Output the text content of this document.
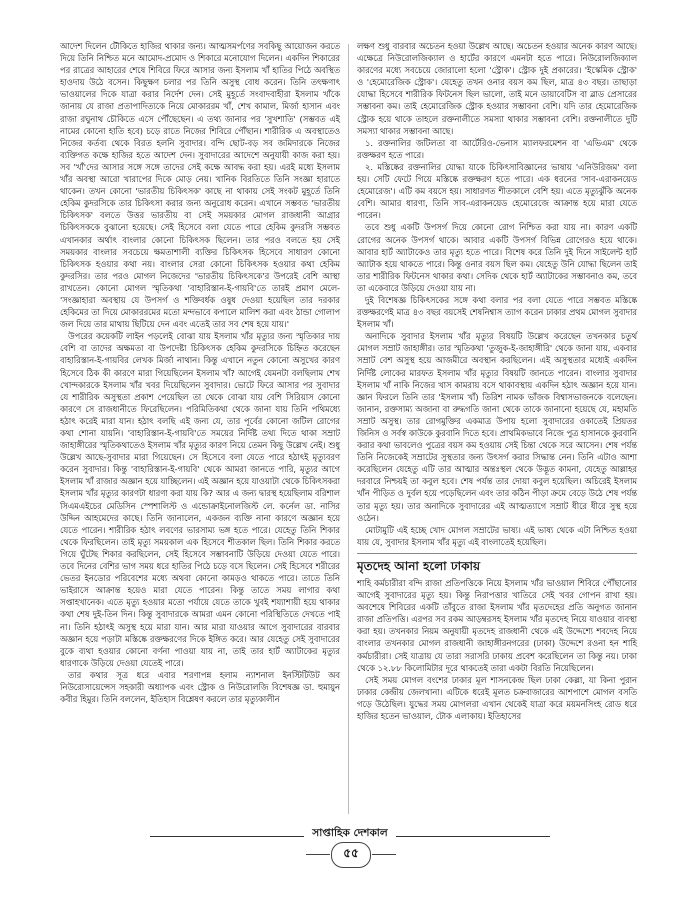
আদেশ দিলেন টৌকিতে হাজির থাকার জন্য। আত্মসমর্পণের সবকিছু আয়োজন করতে দিয়ে তিনি নিশ্চিত মনে আমোদ-প্রমোদ ও শিকারে মনোযোগ দিলেন। একদিন শিকারের পর রাত্রের আহারের শেষে শিবিরে ফিরে আসার জন্য ইসলাম খাঁ হাতির পিঠে অবস্থিত হাওদায় উঠে বসেন। কিছুক্ষণ চলার পর তিনি অসুস্থ বোধ করেন। তিনি তৎক্ষণাৎ ভাওয়ালের দিকে যাত্রা করার নির্দেশ দেন। সেই মুহূর্তে সংবাদবাহীরা ইসলাম খাঁকে জানায় যে রাজা প্রতাপাদিত্যকে নিয়ে মোকাররম খাঁ, শেখ কামাল, মির্জা হাসান এবং রাজা রঘুনাথ চৌকিতে এসে পৌঁছেছেন। এ তথ্য জানার পর 'সুখশাতি' (সম্ভবত এই নামের কোনো হাতি হবে) চড়ে রাতে নিজের শিবিরে পৌঁছান। শারীরিক এ অবস্থাতেও নিজের কর্তব্য থেকে বিরত হলনি সুবাদার। বন্দি ছোট-বড় সব জমিদারকে নিজের ব্যক্তিগত কক্ষে হাজির হতে আদেশ দেন। সুবাদারের আদেশে অনুযায়ী কাজ করা হয়। সব 'খাঁ'দের আসার সঙ্গে সঙ্গে তাদের সেই কক্ষে আবদ্ধ করা হয়। এরই মধ্যে ইসলাম খাঁর অবস্থা আরো খারাপের দিকে মোড় নেয়। খানিক বিরতিতে তিনি সংজ্ঞা হারাতে থাকেন। তখন কোনো 'ভারতীয় চিকিৎসক' কাছে না থাকায় সেই সংকট মুহূর্তে তিনি হেকিম কুদরসিকে তার চিকিৎসা করার জন্য অনুরোধ করেন। এখানে সম্ভবত 'ভারতীয় চিকিৎসক' বলতে উত্তর ভারতীয় বা সেই সময়কার মোগল রাজধানী আগ্রার চিকিৎসককে বুঝানো হয়েছে। সেই হিসেবে বলা যেতে পারে হেকিম কুদরসি সম্ভবত এখানকার অর্থাৎ বাংলার কোনো চিকিৎসক ছিলেন। তার পরও বলতে হয় সেই সময়কার বাংলার সবচেয়ে ক্ষমতাশালী ব্যক্তির চিকিৎসক হিসেবে সাধারণ কোনো চিকিৎসক হওয়ার কথা নয়। বাংলার সেরা কোনো চিকিৎসক হওয়ার কথা হেকিম কুদরসির। তার পরও মোগল নিজেদের 'ভারতীয় চিকিৎসকে'র উপরেই বেশি আস্থা রাখতেন। কোনো মোগল স্মৃতিকথা 'বাহারিস্তান-ই-গায়বি'তে তারই প্রমাণ মেলে-'সংজ্ঞাহারা অবস্থায় যে উপসর্গ ও শক্তিবর্ধক ওষুধ দেওয়া হয়েছিল তার দরকার হেকিমের তা দিয়ে মোকাররমের মতো মন্দভাবে কপালে মালিশ করা এবং ঠান্ডা গোলাপ জল দিয়ে তার মাথায় ছিটিয়ে দেন এবং এতেই তার সব শেষ হয়ে যায়।'

উপরের কয়েকটি লাইন পড়লেই বোঝা যায় ইসলাম খাঁর মৃত্যুর জন্য স্মৃতিকার দায় বেশি বা তাদের অক্ষমতা বা উপদেষ্টা চিকিৎসক হেকিম কুদরসিকে চিহ্নিত করেছেন বাহারিস্তান-ই-গায়বির লেখক মির্জা নাথান। কিন্তু এখানে নতুন কোনো অসুখের কারণ হিসেবে ঠিক কী কারণে মারা গিয়েছিলেন ইসলাম খাঁ? আগেই যেমনটা বলছিলাম শেখ খোন্দকারকে ইসলাম খাঁর খবর দিয়েছিলেন সুবাদার। ভোটে ফিরে আসার পর সুবাদার যে শারীরিক অসুস্থতা প্রকাশ পেয়েছিল তা থেকে বোঝা যায় বেশি সিরিয়াস কোনো কারণে সে রাজধানীতে ফিরেছিলেন। পরিমিতিকথা থেকে জানা যায় তিনি পথিমধ্যে হঠাৎ করেই মারা যান। হঠাৎ বলছি এই জন্য যে, তার পূর্বের কোনো জটিল রোগের কথা শোনা যায়নি। 'বাহারিস্তান-ই-গায়বি'তে সময়ের নির্দিষ্ট তথ্য দিতে থাকা সম্রাট জাহাঙ্গীরের স্মৃতিকথাতেও ইসলাম খাঁর মৃত্যুর কারণ নিয়ে তেমন কিছু উল্লেখ নেই। শুধু উল্লেখ আছে-সুবাদার মারা গিয়েছেন। সে হিসেবে বলা যেতে পারে হঠাৎই মৃত্যুবরণ করেন সুবাদার। কিন্তু 'বাহারিস্তান-ই-গায়বি' থেকে আমরা জানতে পারি, মৃত্যুর আগে ইসলাম খাঁ রাজার অজ্ঞান হয়ে যাচ্ছিলেন। এই অজ্ঞান হয়ে যাওয়াটা থেকে চিকিৎসকরা ইসলাম খাঁর মৃত্যুর কারণটা ধারণা করা যায় কি? আর এ জন্য দ্বারস্থ হয়েছিলাম বরিশাল সিএমএইচের মেডিসিন স্পেশালিস্ট ও এন্ডোক্রাইনোলজিস্ট লে. কর্নেল ডা. নাসির উদ্দিন আহমেদের কাছে। তিনি জানালেন, একজন ব্যক্তি নানা কারণে অজ্ঞান হয়ে যেতে পারেন। শারীরিক হঠাৎ লবণের ভারসাম্য ভঙ্গ হতে পারে। যেহেতু তিনি শিকার থেকে ফিরছিলেন। তাই মৃত্যু সময়কাল এক হিসেবে শীতকাল ছিল। তিনি শিকার করতে গিয়ে ঘুঁটেছ শিকার করছিলেন, সেই হিসেবে সম্ভাবনাটি উড়িয়ে দেওয়া যেতে পারে। তবে দিনের বেশির ভাগ সময় ধরে হাতির পিঠে চড়ে বসে ছিলেন। সেই হিসেবে শরীরের ভেতর ইনডোর পরিবেশের মধ্যে অথবা কোনো কামড়ও থাকতে পারে। তাতে তিনি ভাইরাসে আক্রান্ত হয়েও মারা যেতে পারেন। কিন্তু তাতে সময় লাগার কথা সপ্তাহখানেক। এতে মৃত্যু হওয়ার মতো পর্যায়ে যেতে তাকে খুবই শয্যাশায়ী হয়ে থাকার কথা শেষ দুই-তিন দিন। কিন্তু সুবাদারকে আমরা এমন কোনো পরিস্থিতিতে দেখতে পাই না। তিনি হঠাৎই অসুস্থ হয়ে মারা যান। আর মারা যাওয়ার আগে সুবাদারের বারবার অজ্ঞান হয়ে পড়াটা মস্তিষ্কে রক্তক্ষরণের দিকে ইঙ্গিত করে। আর যেহেতু সেই সুবাদারের বুকে ব্যথা হওয়ার কোনো বর্ণনা পাওয়া যায় না, তাই তার হার্ট অ্যাটাকের মৃত্যুর ধারণাকে উড়িয়ে দেওয়া যেতেই পারে।

তার কথার সূত্র ধরে এবার শরণাপন্ন হলাম ন্যাশনাল ইনস্টিটিউট অব নিউরোসায়েন্সেস সহকারী অধ্যাপক এবং স্ট্রোক ও নিউরোলজি বিশেষজ্ঞ ডা. হুমায়ুন কবীর হিমুর। তিনি বললেন, ইতিহাস বিশ্লেষণ করলে তার মৃত্যুকালীন

লক্ষণ শুধু বারবার অচেতন হওয়া উল্লেখ আছে। অচেতন হওয়ার অনেক কারণ আছে। এক্ষেত্রে নিউরোলজিক্যাল ও হার্টের কারণে এমনটা হতে পারে। নিউরোলজিক্যাল কারণের মধ্যে সবচেয়ে জোরালো হলো 'স্ট্রোক'। স্ট্রোক দুই প্রকারের। 'ইস্কেমিক স্ট্রোক' ও 'হেমোরেজিক স্ট্রোক'। যেহেতু তখন ওনার বয়স কম ছিল, মাত্র ৪৩ বছর। তাছাড়া যোদ্ধা হিসেবে শারীরিক ফিটনেস ছিল ভালো, তাই মনে ডায়াবেটিস বা ব্লাড প্রেসারের সম্ভাবনা কম। তাই হেমোরেজিক স্ট্রোক হওয়ার সম্ভাবনা বেশি। যদি তার হেমোরেজিক স্ট্রোক হয়ে থাকে তাহলে রক্তনালীতে সমস্যা থাকার সম্ভাবনা বেশি। রক্তনালীতে দুটি সমস্যা থাকার সম্ভাবনা আছে।

১. রক্তনালির জটিলতা বা আর্টেরিও-ভেনাস ম্যালফরমেশন বা 'এভিএম' থেকে রক্তক্ষরণ হতে পারে।

২. মস্তিষ্কের রক্তনালির যোদ্ধা যাকে চিকিৎসাবিজ্ঞানের ভাষায় 'এনিউরিজম' বলা হয়। সেটি ফেটে গিয়ে মস্তিষ্কে রক্তক্ষরণ হতে পারে। এক ধরনের 'সাব-এরাকনয়েড হেমোরেজ'। এটি কম বয়সে হয়। সাধারণত শীতকালে বেশি হয়। এতে মৃত্যুঝুঁকি অনেক বেশি। আমার ধারণা, তিনি সাব-এরাকনয়েড হেমোরেজে আক্রান্ত হয়ে মারা যেতে পারেন।

তবে শুধু একটি উপসর্গ দিয়ে কোনো রোগ নিশ্চিত করা যায় না। কারণ একটি রোগের অনেক উপসর্গ থাকে। আবার একটি উপসর্গ বিভিন্ন রোগেরও হয়ে থাকে। আবার হার্ট অ্যাটাকেও তার মৃত্যু হতে পারে। বিশেষ করে তিনি দুই দিনে সাইলেন্ট হার্ট অ্যাটাক হয়ে থাকতে পারে। কিন্তু ওনার বয়স ছিল কম। যেহেতু উনি যোদ্ধা ছিলেন তাই তার শারীরিক ফিটনেস থাকার কথা। সেদিক থেকে হার্ট অ্যাটাকের সম্ভাবনাও কম, তবে তা একেবারে উড়িয়ে দেওয়া যায় না।

দুই বিশেষজ্ঞ চিকিৎসকের সঙ্গে কথা বলার পর বলা যেতে পারে সম্ভবত মস্তিষ্কে রক্তক্ষরণেই মাত্র ৪৩ বছর বয়সেই শেষনিশ্বাস ত্যাগ করেন ঢাকার প্রথম মোগল সুবাদার ইসলাম খাঁ।

অনাদিকে সুবাদার ইসলাম খাঁর মৃত্যুর বিষয়টি উল্লেখ করেছেন তখনকার চতুর্থ মোগল সম্রাট জাহাঙ্গীর। তার স্মৃতিকথা 'তুজুক-ই-জাহাঙ্গীরি' থেকে জানা যায়, একবার সম্রাট বেশ অসুস্থ হয়ে আজমীরে অবস্থান করছিলেন। এই অসুস্থতার মধ্যেই একদিন নির্দিষ্ট লোকের মারফত ইসলাম খাঁর মৃত্যুর বিষয়টি জানতে পারেন। বাংলার সুবাদার ইসলাম খাঁ নাকি নিজের খাস কামরায় বসে থাকাবস্থায় একদিন হঠাৎ অজ্ঞান হয়ে যান। জ্ঞান ফিরলে তিনি তার 'ইসলাম খাঁ) তিরিশ নামক ভাঁজক বিশ্বাসভাজনকে বলেছেন। জানান, রক্তসাম্য অজানা বা রুদ্ধগতি জানা থেকে তাকে জানানো হয়েছে যে, মহামতি সম্রাট অসুস্থ। তার রোগমুক্তির একমাত্র উপায় হলো সুবাদারের ওকাতেই প্রিয়তর জিনিস ও সর্বস্ব কাউকে কুরবানি দিতে হবে। প্রাথমিকভাবে নিজে পুত্র হাসানকে কুরবানি করার কথা ভাবলেও পুত্রের বয়স কম হওয়ায় সেই চিন্তা থেকে সরে আসেন। শেষ পর্যন্ত তিনি নিজেকেই সম্রাটের সুস্থতার জন্য উৎসর্গ করার সিদ্ধান্ত নেন। তিনি এটাও আশা করেছিলেন যেহেতু এটি তার আত্মার অন্তঃস্থল থেকে উদ্ভূত কামনা, যেহেতু আল্লাহর দরবারে নিশ্চয়ই তা কবুল হবে। শেষ পর্যন্ত তার দোয়া কবুল হয়েছিল। অচিরেই ইসলাম খাঁন পীড়িত ও দুর্বল হয়ে পড়েছিলেন এবং তার কঠিন পীড়া ক্রমে বেড়ে উঠে শেষ পর্যন্ত তার মৃত্যু হয়। তার অনাদিকে সুবাদারের এই আত্মত্যাগে সম্রাট ধীরে ধীরে সুস্থ হয়ে ওঠেন।

মোটামুটি এই হচ্ছে খোদ মোগল সম্রাটের ভাষ্য। এই ভাষ্য থেকে এটা নিশ্চিত হওয়া যায় যে, সুবাদার ইসলাম খাঁর মৃত্যু এই বাংলাতেই হয়েছিল।

মৃতদেহ আনা হলো ঢাকায়

শাহি কর্মচারীরা বন্দি রাজা প্রতিপত্তিকে নিয়ে ইসলাম খাঁর ভাওয়াল শিবিরে পৌঁছানোর আগেই সুবাদারের মৃত্যু হয়। কিন্তু নিরাপত্তার খাতিরে সেই খবর গোপন রাখা হয়। অবশেষে শিবিরের একটি তাঁবুতে রাজা ইসলাম খাঁর মৃতদেহের প্রতি অনুগত জানান রাজা প্রতিপত্তি। এরপর সব রকম আড়ম্বরসহ ইসলাম খাঁর মৃতদেহ নিয়ে যাওয়ার ব্যবস্থা করা হয়। তখনকার নিয়ম অনুযায়ী মৃতদেহ রাজধানী থেকে এই উদ্দেশ্যে শবদেহ নিয়ে বাংলার তখনকার মোগল রাজধানী জাহাঙ্গীরনগরের (ঢাকা) উদ্দেশে রওনা হন শাহি কর্মচারীরা। সেই যাত্রায় যে তারা সরাসরি ঢাকায় প্রবেশ করেছিলেন তা কিন্তু নয়। ঢাকা থেকে ১২.৮৮ কিলোমিটার দূরে থাকতেই তারা একটা বিরতি নিয়েছিলেন।

সেই সময় মোগল বংশের ঢাকার মূল শাসনকেন্দ্র ছিল ঢাকা কেল্লা, যা কিনা পুরান ঢাকার কেন্দ্রীয় জেলখানা। এটিকে ধরেই মূলত চক্রবাজারের আশপাশে মোগল বসতি গড়ে উঠেছিল। যুদ্ধের সময় মোগলরা এখান থেকেই যাত্রা করে ময়মনসিংহ রোড ধরে হাজির হতেন ভাওয়াল, টোক এলাকায়। ইতিহাসের

সাপ্তাহিক দেশকাল
৫৫
